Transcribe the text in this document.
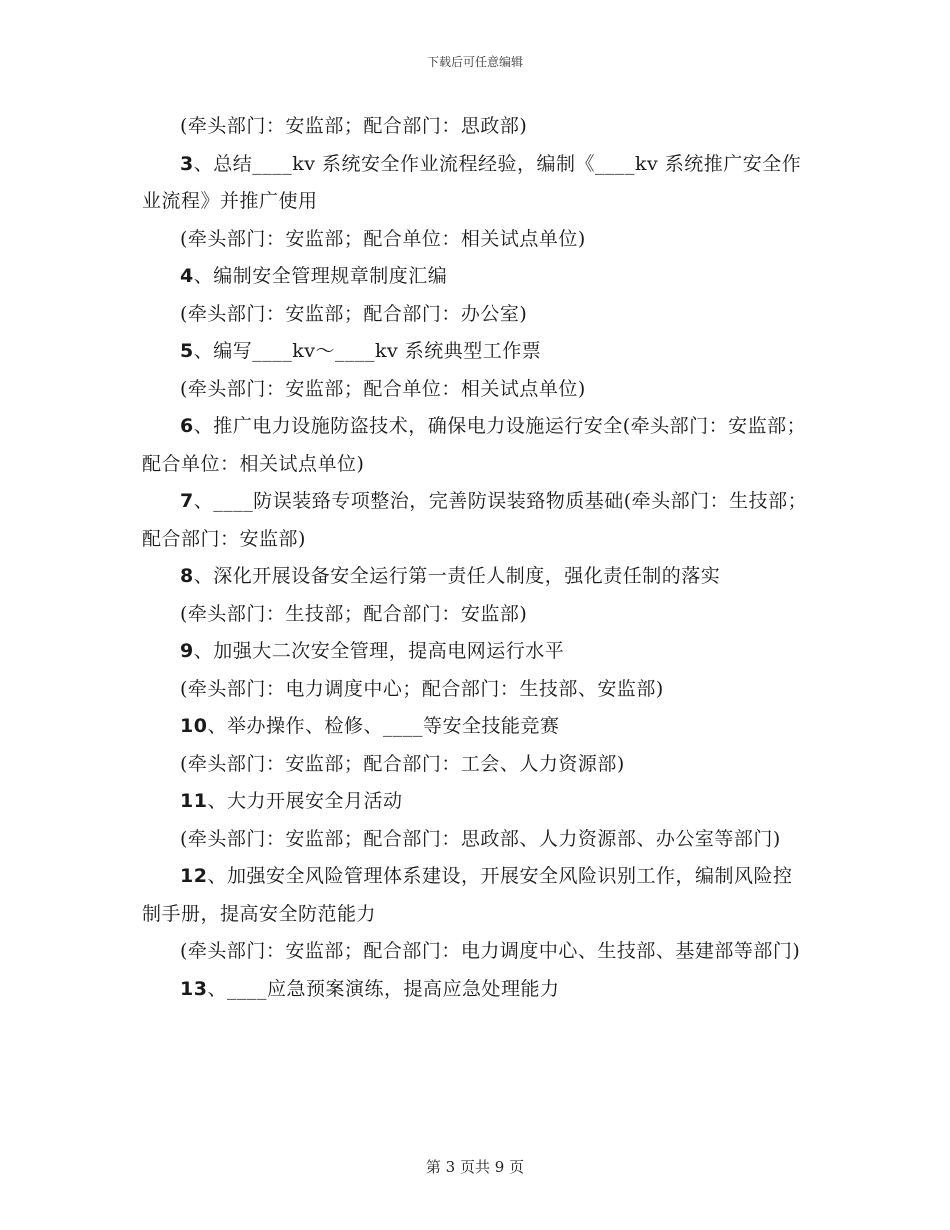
下载后可任意编辑

(牵头部门：安监部；配合部门：思政部)

3、总结____kv 系统安全作业流程经验，编制《____kv 系统推广安全作业流程》并推广使用

(牵头部门：安监部；配合单位：相关试点单位)

4、编制安全管理规章制度汇编

(牵头部门：安监部；配合部门：办公室)

5、编写____kv～____kv 系统典型工作票

(牵头部门：安监部；配合单位：相关试点单位)

6、推广电力设施防盗技术，确保电力设施运行安全(牵头部门：安监部；配合单位：相关试点单位)

7、____防误装臵专项整治，完善防误装臵物质基础(牵头部门：生技部；配合部门：安监部)

8、深化开展设备安全运行第一责任人制度，强化责任制的落实

(牵头部门：生技部；配合部门：安监部)

9、加强大二次安全管理，提高电网运行水平

(牵头部门：电力调度中心；配合部门：生技部、安监部)

10、举办操作、检修、____等安全技能竞赛

(牵头部门：安监部；配合部门：工会、人力资源部)

11、大力开展安全月活动

(牵头部门：安监部；配合部门：思政部、人力资源部、办公室等部门)

12、加强安全风险管理体系建设，开展安全风险识别工作，编制风险控制手册，提高安全防范能力

(牵头部门：安监部；配合部门：电力调度中心、生技部、基建部等部门)

13、____应急预案演练，提高应急处理能力

第 3 页共 9 页
